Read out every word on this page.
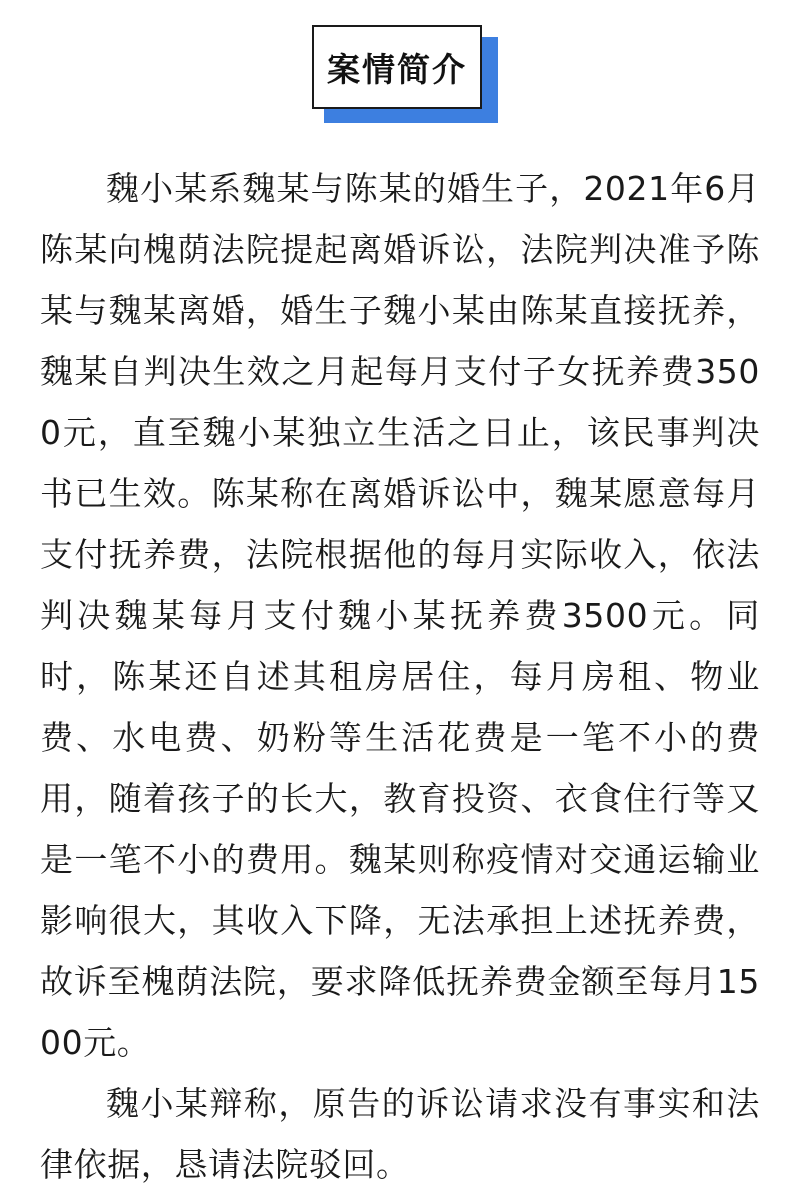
案情简介

魏小某系魏某与陈某的婚生子，2021年6月陈某向槐荫法院提起离婚诉讼，法院判决准予陈某与魏某离婚，婚生子魏小某由陈某直接抚养，魏某自判决生效之月起每月支付子女抚养费3500元，直至魏小某独立生活之日止，该民事判决书已生效。陈某称在离婚诉讼中，魏某愿意每月支付抚养费，法院根据他的每月实际收入，依法判决魏某每月支付魏小某抚养费3500元。同时，陈某还自述其租房居住，每月房租、物业费、水电费、奶粉等生活花费是一笔不小的费用，随着孩子的长大，教育投资、衣食住行等又是一笔不小的费用。魏某则称疫情对交通运输业影响很大，其收入下降，无法承担上述抚养费，故诉至槐荫法院，要求降低抚养费金额至每月1500元。

魏小某辩称，原告的诉讼请求没有事实和法律依据，恳请法院驳回。
